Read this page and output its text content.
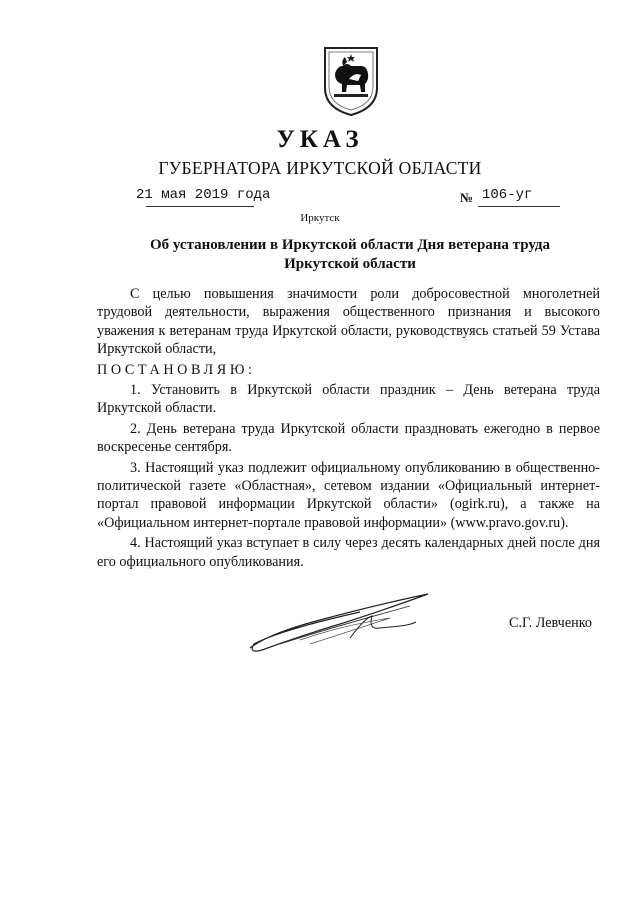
УКАЗ
ГУБЕРНАТОРА ИРКУТСКОЙ ОБЛАСТИ
21 мая 2019 года	№ 106-уг
Иркутск
Об установлении в Иркутской области Дня ветерана труда
Иркутской области

С целью повышения значимости роли добросовестной многолетней трудовой деятельности, выражения общественного признания и высокого уважения к ветеранам труда Иркутской области, руководствуясь статьей 59 Устава Иркутской области,

ПОСТАНОВЛЯЮ:

1. Установить в Иркутской области праздник – День ветерана труда Иркутской области.

2. День ветерана труда Иркутской области праздновать ежегодно в первое воскресенье сентября.

3. Настоящий указ подлежит официальному опубликованию в общественно-политической газете «Областная», сетевом издании «Официальный интернет-портал правовой информации Иркутской области» (ogirk.ru), а также на «Официальном интернет-портале правовой информации» (www.pravo.gov.ru).

4. Настоящий указ вступает в силу через десять календарных дней после дня его официального опубликования.

С.Г. Левченко
